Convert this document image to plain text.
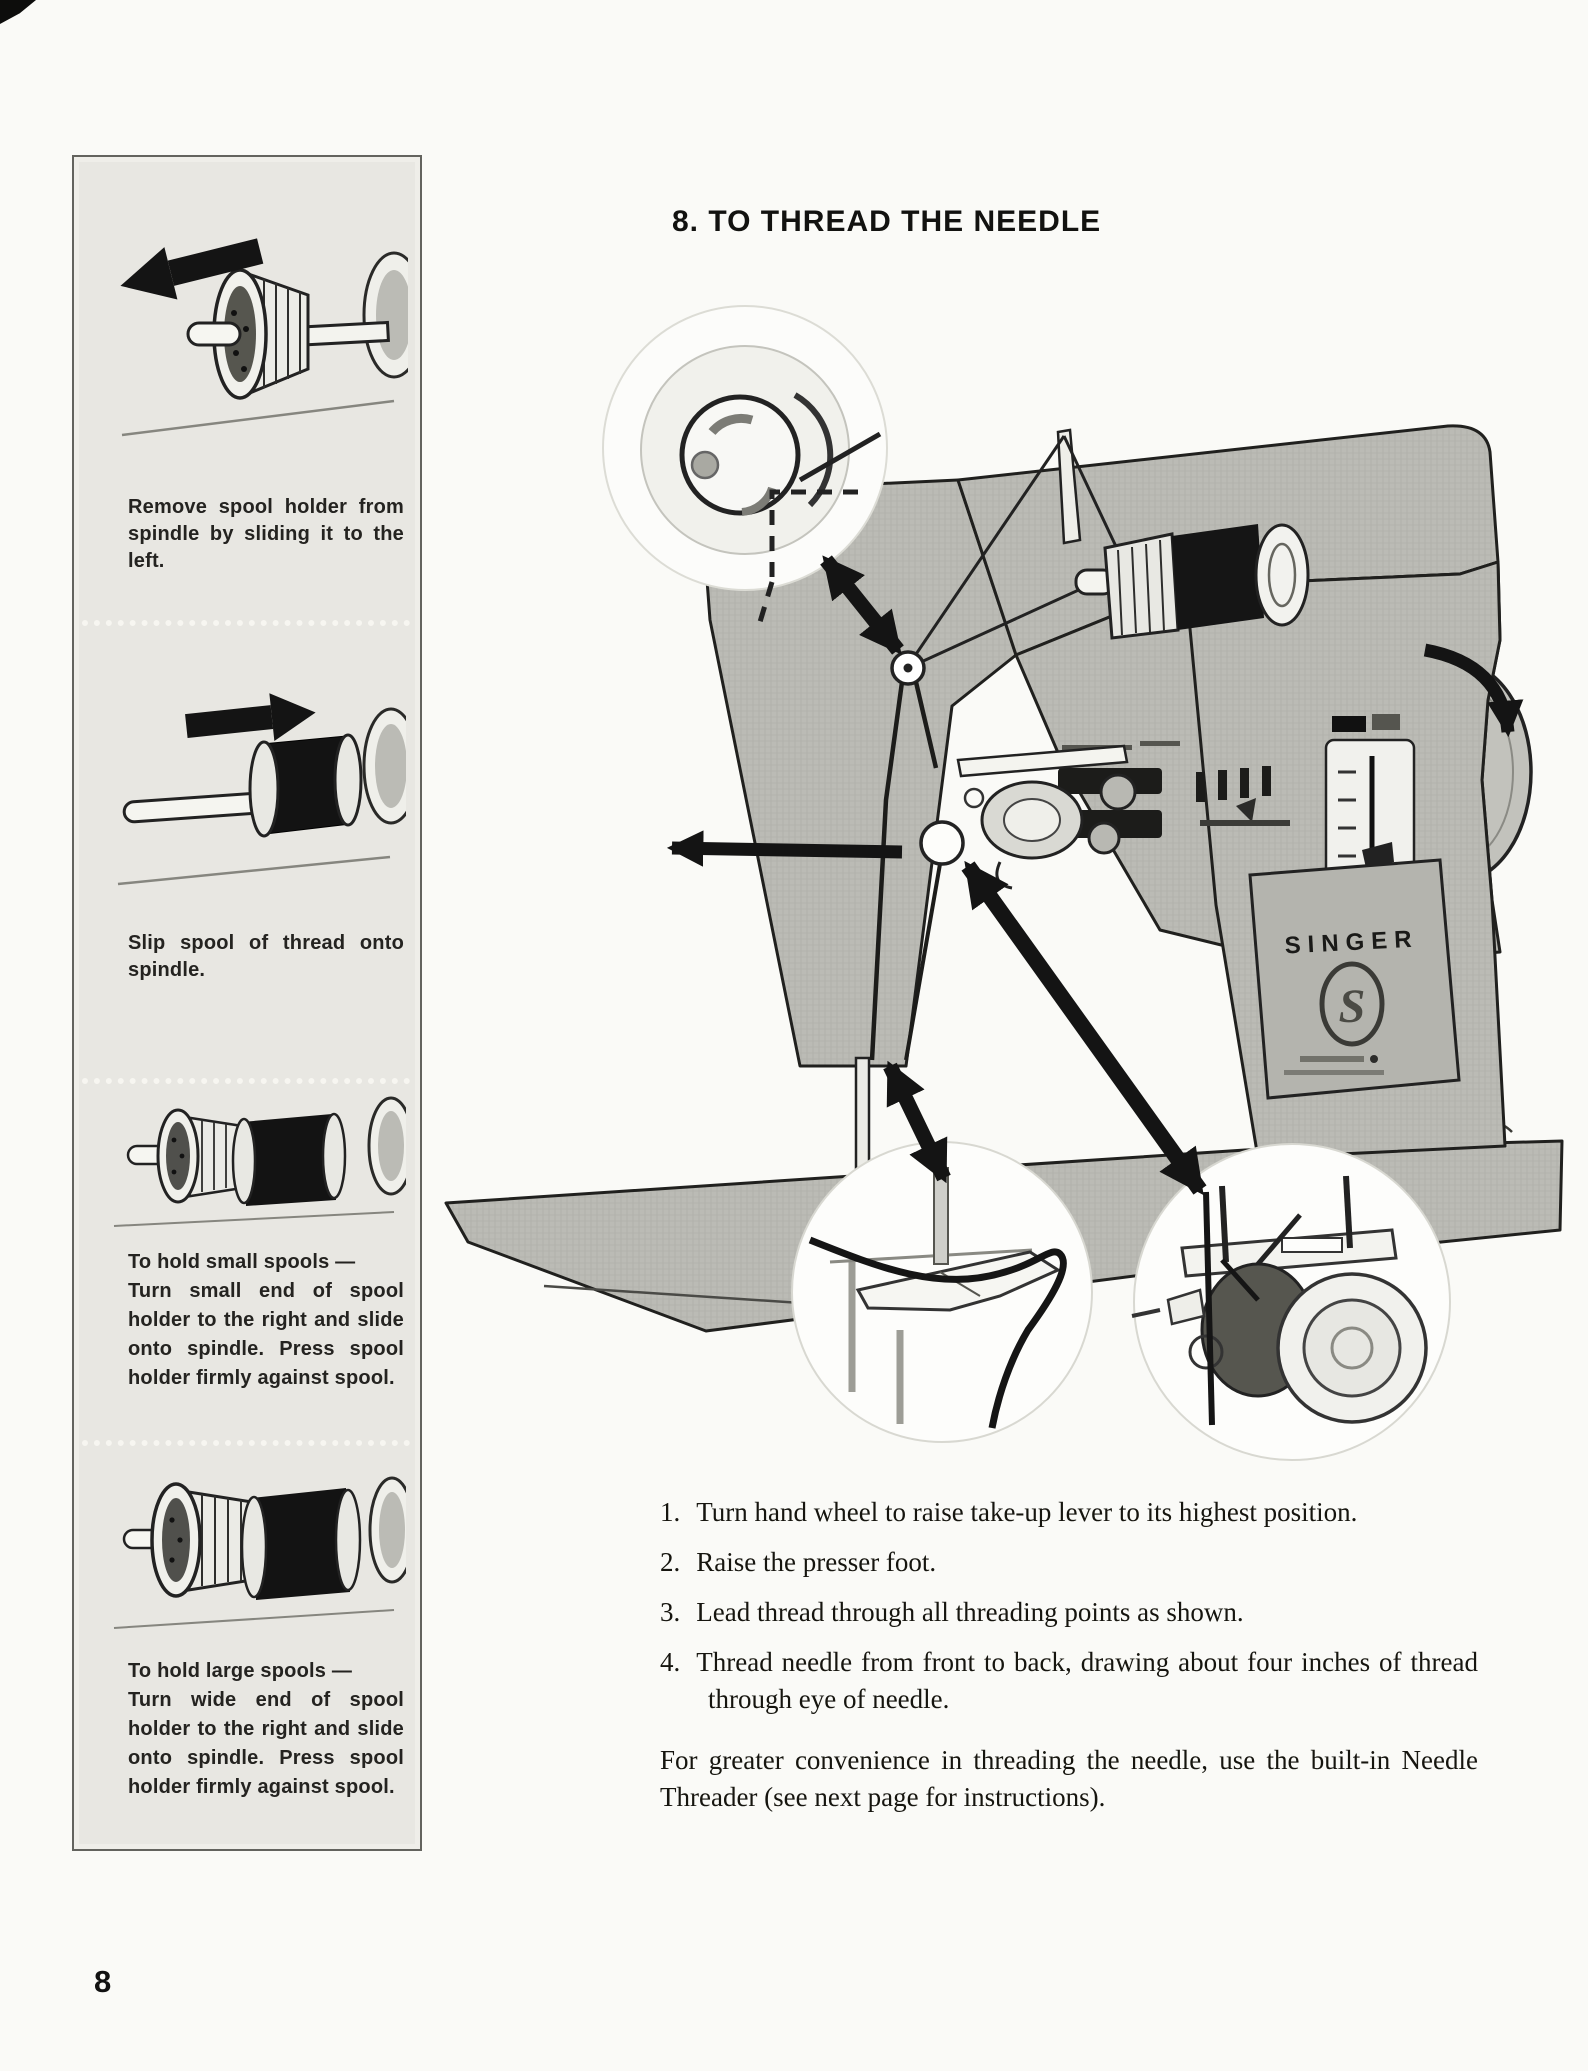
Remove spool holder from spindle by sliding it to the left.
Slip spool of thread onto spindle.
To hold small spools —
Turn small end of spool holder to the right and slide onto spindle. Press spool holder firmly against spool.
To hold large spools —
Turn wide end of spool holder to the right and slide onto spindle. Press spool holder firmly against spool.
8. TO THREAD THE NEEDLE
SINGER
S
1. Turn hand wheel to raise take-up lever to its highest position.
2. Raise the presser foot.
3. Lead thread through all threading points as shown.
4. Thread needle from front to back, drawing about four inches of thread through eye of needle.
For greater convenience in threading the needle, use the built-in Needle Threader (see next page for instructions).
8
